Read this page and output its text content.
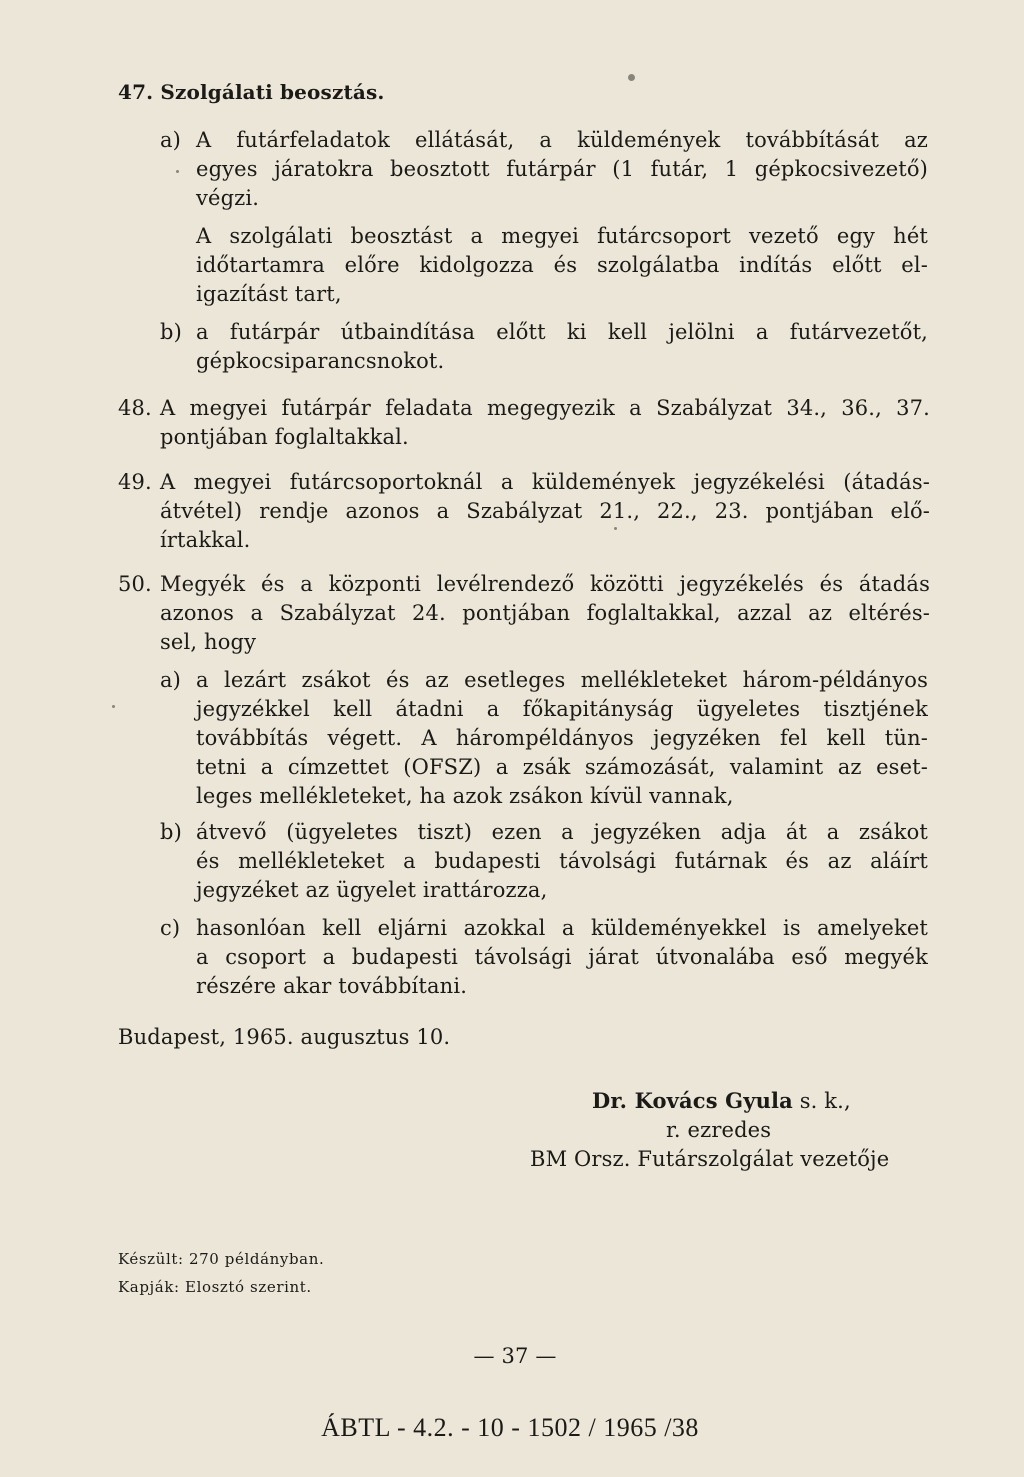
47. Szolgálati beosztás.
a) A futárfeladatok ellátását, a küldemények továbbítását az
egyes járatokra beosztott futárpár (1 futár, 1 gépkocsivezető)
végzi.
A szolgálati beosztást a megyei futárcsoport vezető egy hét
időtartamra előre kidolgozza és szolgálatba indítás előtt el-
igazítást tart,
b) a futárpár útbaindítása előtt ki kell jelölni a futárvezetőt,
gépkocsiparancsnokot.
48. A megyei futárpár feladata megegyezik a Szabályzat 34., 36., 37.
pontjában foglaltakkal.
49. A megyei futárcsoportoknál a küldemények jegyzékelési (átadás-
átvétel) rendje azonos a Szabályzat 21., 22., 23. pontjában elő-
írtakkal.
50. Megyék és a központi levélrendező közötti jegyzékelés és átadás
azonos a Szabályzat 24. pontjában foglaltakkal, azzal az eltérés-
sel, hogy
a) a lezárt zsákot és az esetleges mellékleteket három-példányos
jegyzékkel kell átadni a főkapitányság ügyeletes tisztjének
továbbítás végett. A hárompéldányos jegyzéken fel kell tün-
tetni a címzettet (OFSZ) a zsák számozását, valamint az eset-
leges mellékleteket, ha azok zsákon kívül vannak,
b) átvevő (ügyeletes tiszt) ezen a jegyzéken adja át a zsákot
és mellékleteket a budapesti távolsági futárnak és az aláírt
jegyzéket az ügyelet irattározza,
c) hasonlóan kell eljárni azokkal a küldeményekkel is amelyeket
a csoport a budapesti távolsági járat útvonalába eső megyék
részére akar továbbítani.
Budapest, 1965. augusztus 10.
Dr. Kovács Gyula s. k.,
r. ezredes
BM Orsz. Futárszolgálat vezetője
Készült: 270 példányban.
Kapják: Elosztó szerint.
— 37 —
ÁBTL - 4.2. - 10 - 1502 / 1965 /38
